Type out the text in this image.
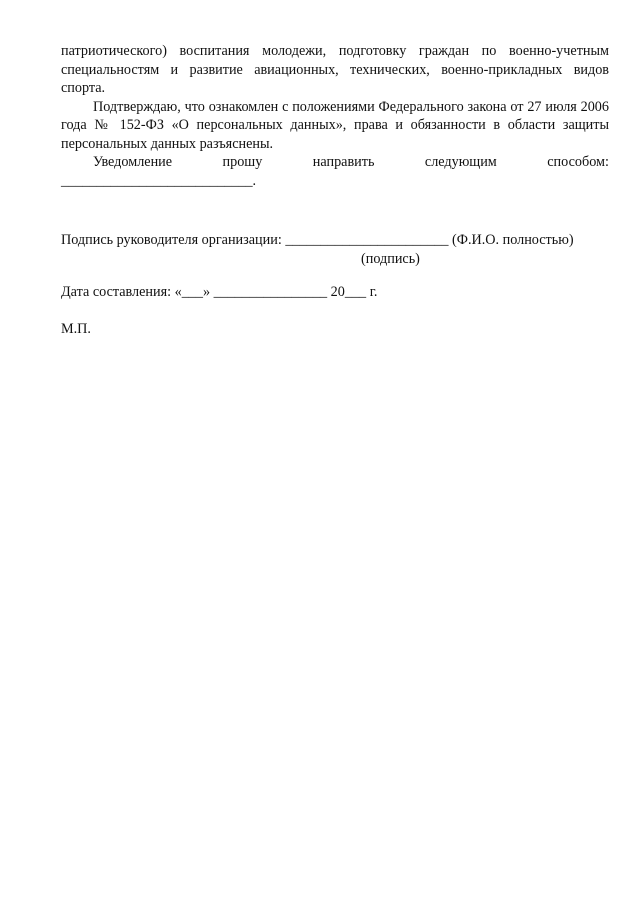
патриотического) воспитания молодежи, подготовку граждан по военно-учетным специальностям и развитие авиационных, технических, военно-прикладных видов спорта.

Подтверждаю, что ознакомлен с положениями Федерального закона от 27 июля 2006 года № 152-ФЗ «О персональных данных», права и обязанности в области защиты персональных данных разъяснены.

Уведомление	прошу	направить	следующим	способом:
___________________________.
Подпись руководителя организации: _______________________ (Ф.И.О. полностью)
(подпись)
Дата составления: «___» ________________ 20___ г.
М.П.
